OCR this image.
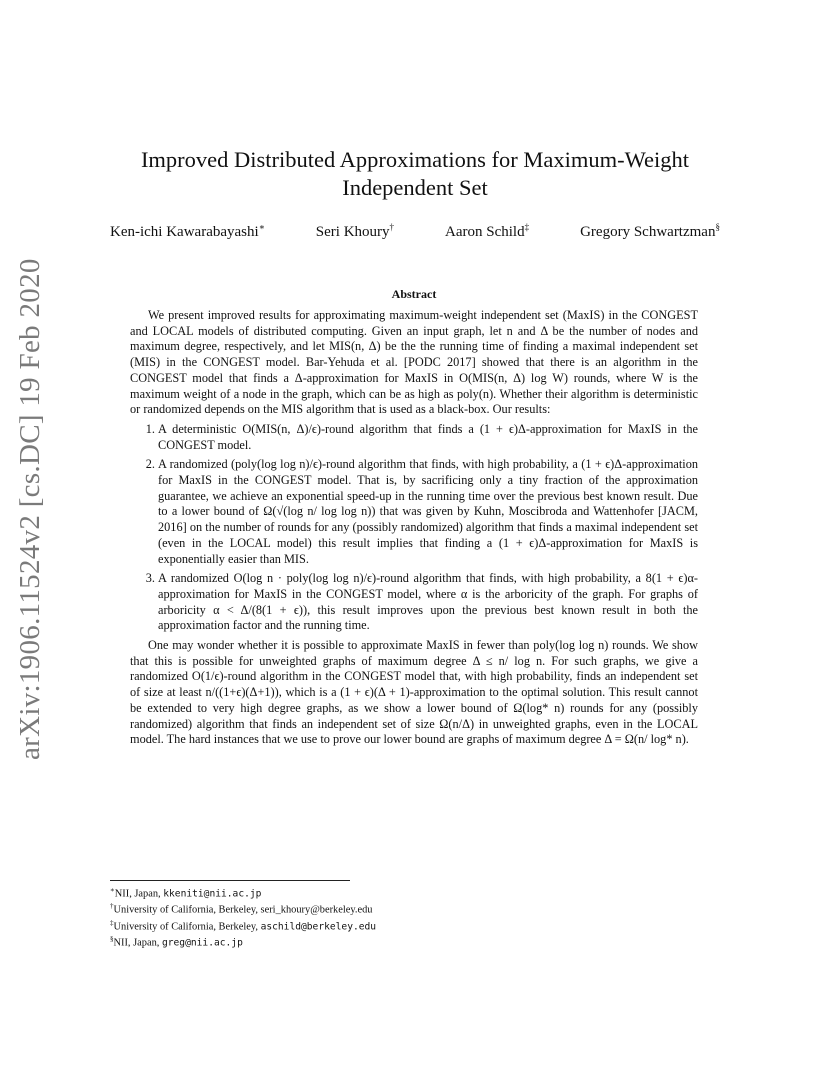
arXiv:1906.11524v2 [cs.DC] 19 Feb 2020
Improved Distributed Approximations for Maximum-Weight Independent Set
Ken-ichi Kawarabayashi∗	Seri Khoury†	Aaron Schild‡	Gregory Schwartzman§
Abstract

We present improved results for approximating maximum-weight independent set (MaxIS) in the CONGEST and LOCAL models of distributed computing. Given an input graph, let n and Δ be the number of nodes and maximum degree, respectively, and let MIS(n, Δ) be the the running time of finding a maximal independent set (MIS) in the CONGEST model. Bar-Yehuda et al. [PODC 2017] showed that there is an algorithm in the CONGEST model that finds a Δ-approximation for MaxIS in O(MIS(n, Δ) log W) rounds, where W is the maximum weight of a node in the graph, which can be as high as poly(n). Whether their algorithm is deterministic or randomized depends on the MIS algorithm that is used as a black-box. Our results:

1. A deterministic O(MIS(n, Δ)/ϵ)-round algorithm that finds a (1 + ϵ)Δ-approximation for MaxIS in the CONGEST model.
2. A randomized (poly(log log n)/ϵ)-round algorithm that finds, with high probability, a (1 + ϵ)Δ-approximation for MaxIS in the CONGEST model. That is, by sacrificing only a tiny fraction of the approximation guarantee, we achieve an exponential speed-up in the running time over the previous best known result. Due to a lower bound of Ω(√(log n/ log log n)) that was given by Kuhn, Moscibroda and Wattenhofer [JACM, 2016] on the number of rounds for any (possibly randomized) algorithm that finds a maximal independent set (even in the LOCAL model) this result implies that finding a (1 + ϵ)Δ-approximation for MaxIS is exponentially easier than MIS.
3. A randomized O(log n · poly(log log n)/ϵ)-round algorithm that finds, with high probability, a 8(1 + ϵ)α-approximation for MaxIS in the CONGEST model, where α is the arboricity of the graph. For graphs of arboricity α < Δ/(8(1 + ϵ)), this result improves upon the previous best known result in both the approximation factor and the running time.

One may wonder whether it is possible to approximate MaxIS in fewer than poly(log log n) rounds. We show that this is possible for unweighted graphs of maximum degree Δ ≤ n/ log n. For such graphs, we give a randomized O(1/ϵ)-round algorithm in the CONGEST model that, with high probability, finds an independent set of size at least n/((1+ϵ)(Δ+1)), which is a (1 + ϵ)(Δ + 1)-approximation to the optimal solution. This result cannot be extended to very high degree graphs, as we show a lower bound of Ω(log* n) rounds for any (possibly randomized) algorithm that finds an independent set of size Ω(n/Δ) in unweighted graphs, even in the LOCAL model. The hard instances that we use to prove our lower bound are graphs of maximum degree Δ = Ω(n/ log* n).

∗NII, Japan, kkeniti@nii.ac.jp
†University of California, Berkeley, seri_khoury@berkeley.edu
‡University of California, Berkeley, aschild@berkeley.edu
§NII, Japan, greg@nii.ac.jp
